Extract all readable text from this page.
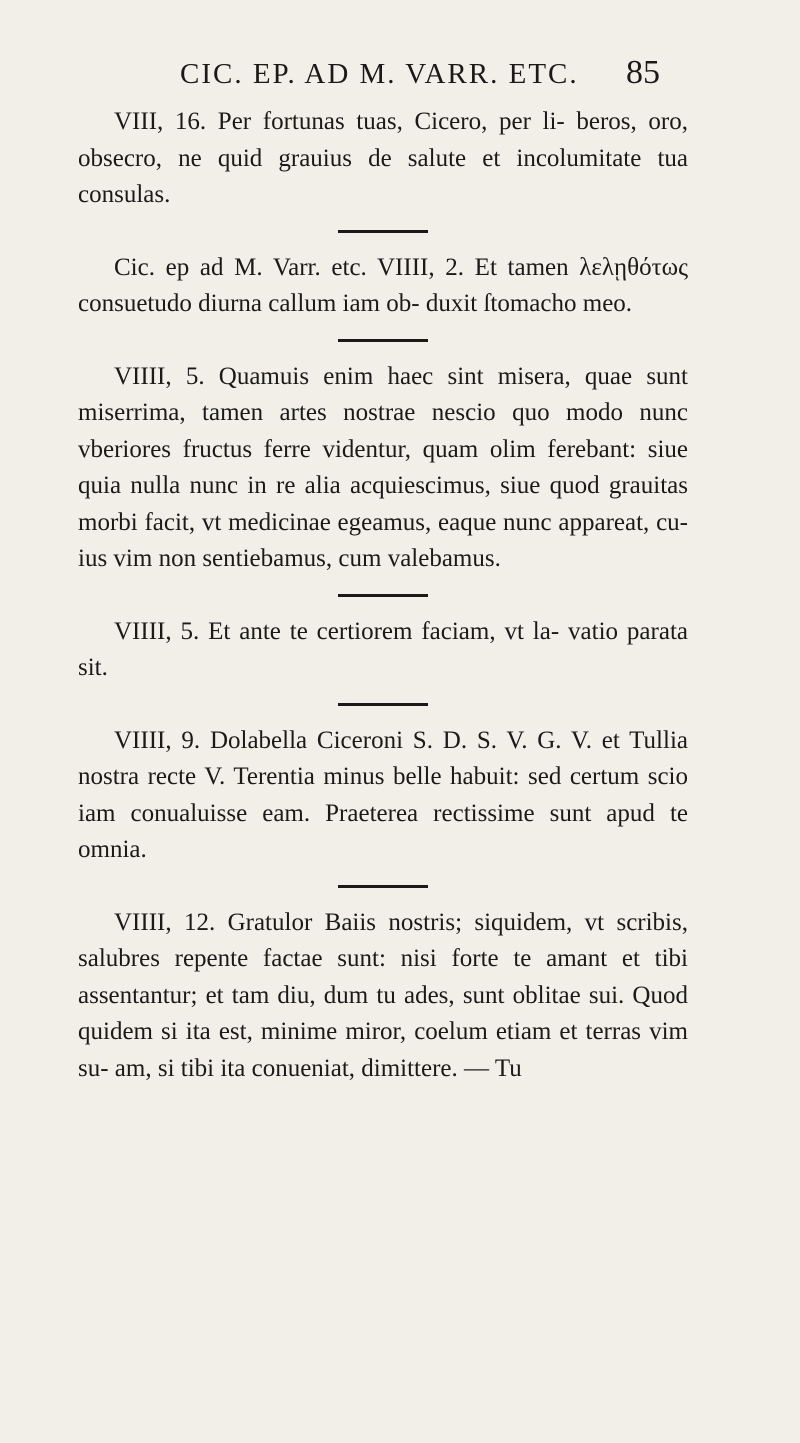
CIC. EP. AD M. VARR. ETC. 85

VIII, 16. Per fortunas tuas, Cicero, per li- beros, oro, obsecro, ne quid grauius de salute et incolumitate tua consulas.

Cic. ep ad M. Varr. etc. VIIII, 2. Et tamen λελῃθότως consuetudo diurna callum iam ob- duxit ſtomacho meo.

VIIII, 5. Quamuis enim haec sint misera, quae sunt miserrima, tamen artes nostrae nescio quo modo nunc vberiores fructus ferre videntur, quam olim ferebant: siue quia nulla nunc in re alia acquiescimus, siue quod grauitas morbi facit, vt medicinae egeamus, eaque nunc appareat, cu- ius vim non sentiebamus, cum valebamus.

VIIII, 5. Et ante te certiorem faciam, vt la- vatio parata sit.

VIIII, 9. Dolabella Ciceroni S. D. S. V. G. V. et Tullia nostra recte V. Terentia minus belle habuit: sed certum scio iam conualuisse eam. Praeterea rectissime sunt apud te omnia.

VIIII, 12. Gratulor Baiis nostris; siquidem, vt scribis, salubres repente factae sunt: nisi forte te amant et tibi assentantur; et tam diu, dum tu ades, sunt oblitae sui. Quod quidem si ita est, minime miror, coelum etiam et terras vim su- am, si tibi ita conueniat, dimittere. — Tu
